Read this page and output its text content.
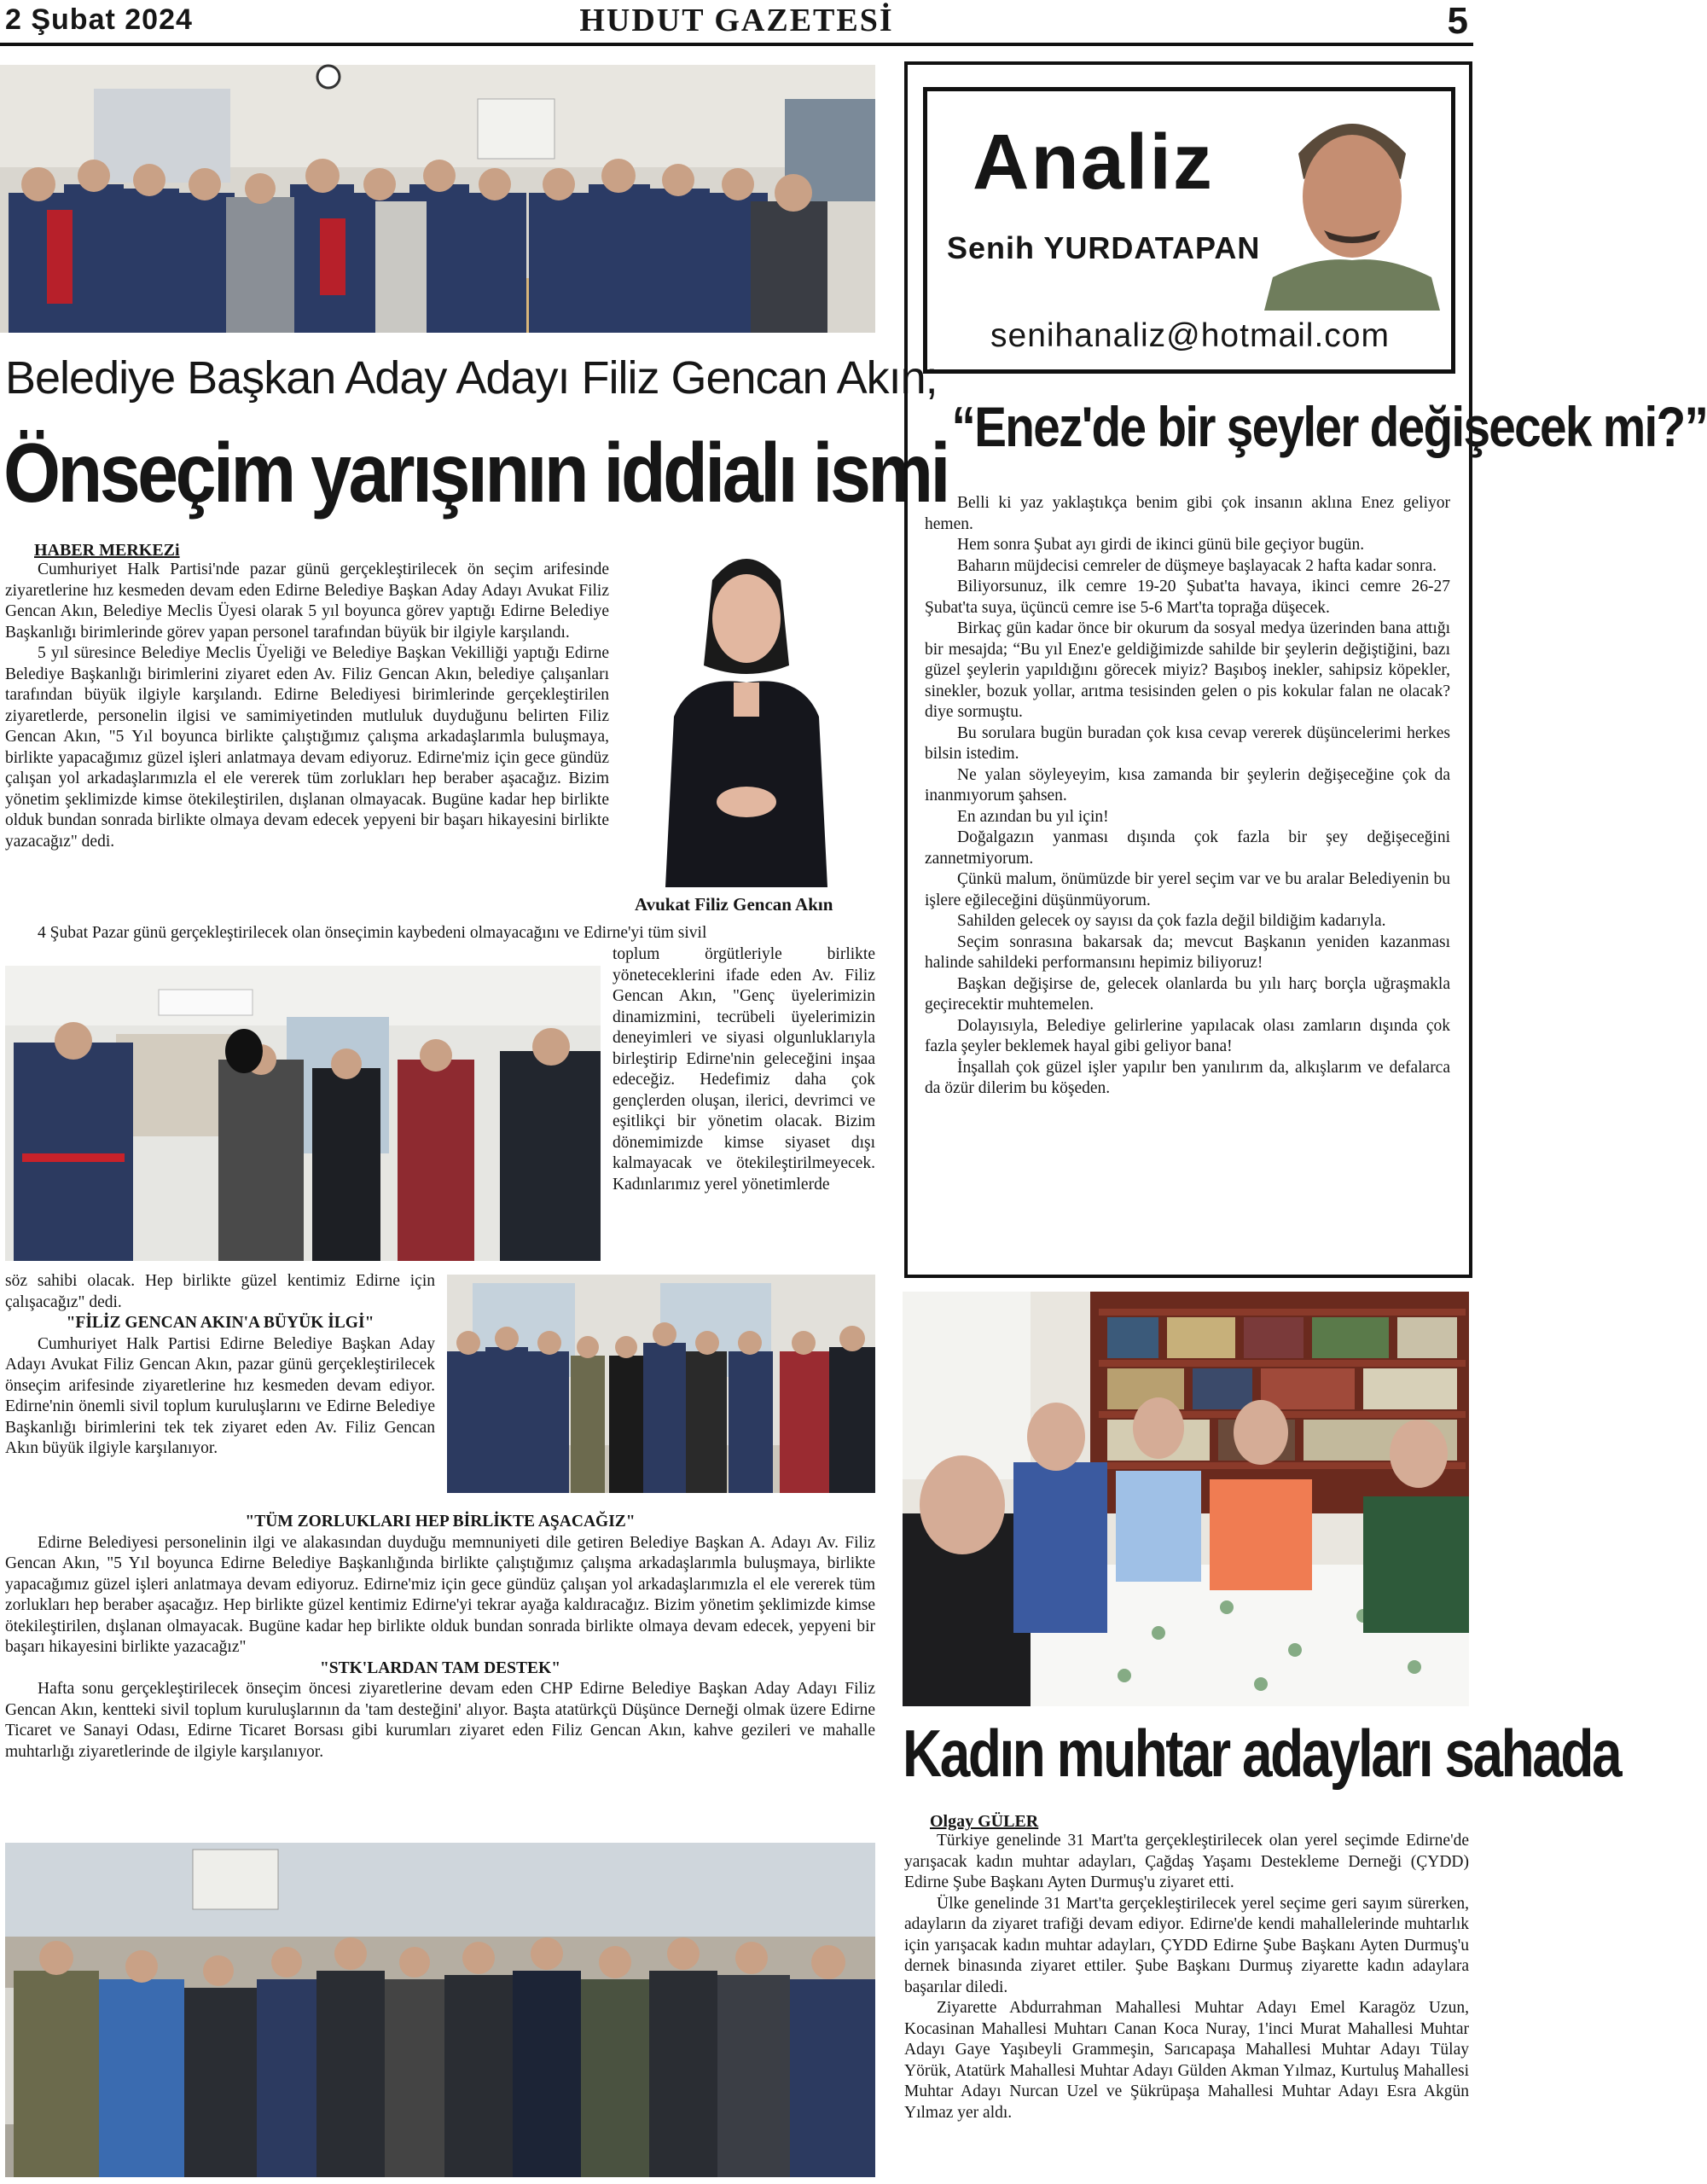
2 Şubat 2024	HUDUT GAZETESİ	5
Belediye Başkan Aday Adayı Filiz Gencan Akın;
Önseçim yarışının iddialı ismi
HABER MERKEZi

Cumhuriyet Halk Partisi'nde pazar günü gerçekleştirilecek ön seçim arifesinde ziyaretlerine hız kesmeden devam eden Edirne Belediye Başkan Aday Adayı Avukat Filiz Gencan Akın, Belediye Meclis Üyesi olarak 5 yıl boyunca görev yaptığı Edirne Belediye Başkanlığı birimlerinde görev yapan personel tarafından büyük bir ilgiyle karşılandı.

5 yıl süresince Belediye Meclis Üyeliği ve Belediye Başkan Vekilliği yaptığı Edirne Belediye Başkanlığı birimlerini ziyaret eden Av. Filiz Gencan Akın, belediye çalışanları tarafından büyük ilgiyle karşılandı. Edirne Belediyesi birimlerinde gerçekleştirilen ziyaretlerde, personelin ilgisi ve samimiyetinden mutluluk duyduğunu belirten Filiz Gencan Akın, "5 Yıl boyunca birlikte çalıştığımız çalışma arkadaşlarımla buluşmaya, birlikte yapacağımız güzel işleri anlatmaya devam ediyoruz. Edirne'miz için gece gündüz çalışan yol arkadaşlarımızla el ele vererek tüm zorlukları hep beraber aşacağız. Bizim yönetim şeklimizde kimse ötekileştirilen, dışlanan olmayacak. Bugüne kadar hep birlikte olduk bundan sonrada birlikte olmaya devam edecek yepyeni bir başarı hikayesini birlikte yazacağız" dedi.

Avukat Filiz Gencan Akın

4 Şubat Pazar günü gerçekleştirilecek olan önseçimin kaybedeni olmayacağını ve Edirne'yi tüm sivil

toplum örgütleriyle birlikte yöneteceklerini ifade eden Av. Filiz Gencan Akın, "Genç üyelerimizin dinamizmini, tecrübeli üyelerimizin deneyimleri ve siyasi olgunluklarıyla birleştirip Edirne'nin geleceğini inşaa edeceğiz. Hedefimiz daha çok gençlerden oluşan, ilerici, devrimci ve eşitlikçi bir yönetim olacak. Bizim dönemimizde kimse siyaset dışı kalmayacak ve ötekileştirilmeyecek. Kadınlarımız yerel yönetimlerde

söz sahibi olacak. Hep birlikte güzel kentimiz Edirne için çalışacağız" dedi.

"FİLİZ GENCAN AKIN'A BÜYÜK İLGİ"

Cumhuriyet Halk Partisi Edirne Belediye Başkan Aday Adayı Avukat Filiz Gencan Akın, pazar günü gerçekleştirilecek önseçim arifesinde ziyaretlerine hız kesmeden devam ediyor. Edirne'nin önemli sivil toplum kuruluşlarını ve Edirne Belediye Başkanlığı birimlerini tek tek ziyaret eden Av. Filiz Gencan Akın büyük ilgiyle karşılanıyor.

"TÜM ZORLUKLARI HEP BİRLİKTE AŞACAĞIZ"

Edirne Belediyesi personelinin ilgi ve alakasından duyduğu memnuniyeti dile getiren Belediye Başkan A. Adayı Av. Filiz Gencan Akın, "5 Yıl boyunca Edirne Belediye Başkanlığında birlikte çalıştığımız çalışma arkadaşlarımla buluşmaya, birlikte yapacağımız güzel işleri anlatmaya devam ediyoruz. Edirne'miz için gece gündüz çalışan yol arkadaşlarımızla el ele vererek tüm zorlukları hep beraber aşacağız. Hep birlikte güzel kentimiz Edirne'yi tekrar ayağa kaldıracağız. Bizim yönetim şeklimizde kimse ötekileştirilen, dışlanan olmayacak. Bugüne kadar hep birlikte olduk bundan sonrada birlikte olmaya devam edecek, yepyeni bir başarı hikayesini birlikte yazacağız"

"STK'LARDAN TAM DESTEK"

Hafta sonu gerçekleştirilecek önseçim öncesi ziyaretlerine devam eden CHP Edirne Belediye Başkan Aday Adayı Filiz Gencan Akın, kentteki sivil toplum kuruluşlarının da 'tam desteğini' alıyor. Başta atatürkçü Düşünce Derneği olmak üzere Edirne Ticaret ve Sanayi Odası, Edirne Ticaret Borsası gibi kurumları ziyaret eden Filiz Gencan Akın, kahve gezileri ve mahalle muhtarlığı ziyaretlerinde de ilgiyle karşılanıyor.

Analiz
Senih YURDATAPAN
senihanaliz@hotmail.com
“Enez'de bir şeyler değişecek mi?”

Belli ki yaz yaklaştıkça benim gibi çok insanın aklına Enez geliyor hemen.

Hem sonra Şubat ayı girdi de ikinci günü bile geçiyor bugün.

Baharın müjdecisi cemreler de düşmeye başlayacak 2 hafta kadar sonra.

Biliyorsunuz, ilk cemre 19-20 Şubat'ta havaya, ikinci cemre 26-27 Şubat'ta suya, üçüncü cemre ise 5-6 Mart'ta toprağa düşecek.

Birkaç gün kadar önce bir okurum da sosyal medya üzerinden bana attığı bir mesajda; “Bu yıl Enez'e geldiğimizde sahilde bir şeylerin değiştiğini, bazı güzel şeylerin yapıldığını görecek miyiz? Başıboş inekler, sahipsiz köpekler, sinekler, bozuk yollar, arıtma tesisinden gelen o pis kokular falan ne olacak? diye sormuştu.

Bu sorulara bugün buradan çok kısa cevap vererek düşüncelerimi herkes bilsin istedim.

Ne yalan söyleyeyim, kısa zamanda bir şeylerin değişeceğine çok da inanmıyorum şahsen.

En azından bu yıl için!

Doğalgazın yanması dışında çok fazla bir şey değişeceğini zannetmiyorum.

Çünkü malum, önümüzde bir yerel seçim var ve bu aralar Belediyenin bu işlere eğileceğini düşünmüyorum.

Sahilden gelecek oy sayısı da çok fazla değil bildiğim kadarıyla.

Seçim sonrasına bakarsak da; mevcut Başkanın yeniden kazanması halinde sahildeki performansını hepimiz biliyoruz!

Başkan değişirse de, gelecek olanlarda bu yılı harç borçla uğraşmakla geçirecektir muhtemelen.

Dolayısıyla, Belediye gelirlerine yapılacak olası zamların dışında çok fazla şeyler beklemek hayal gibi geliyor bana!

İnşallah çok güzel işler yapılır ben yanılırım da, alkışlarım ve defalarca da özür dilerim bu köşeden.

Kadın muhtar adayları sahada
Olgay GÜLER

Türkiye genelinde 31 Mart'ta gerçekleştirilecek olan yerel seçimde Edirne'de yarışacak kadın muhtar adayları, Çağdaş Yaşamı Destekleme Derneği (ÇYDD) Edirne Şube Başkanı Ayten Durmuş'u ziyaret etti.

Ülke genelinde 31 Mart'ta gerçekleştirilecek yerel seçime geri sayım sürerken, adayların da ziyaret trafiği devam ediyor. Edirne'de kendi mahallelerinde muhtarlık için yarışacak kadın muhtar adayları, ÇYDD Edirne Şube Başkanı Ayten Durmuş'u dernek binasında ziyaret ettiler. Şube Başkanı Durmuş ziyarette kadın adaylara başarılar diledi.

Ziyarette Abdurrahman Mahallesi Muhtar Adayı Emel Karagöz Uzun, Kocasinan Mahallesi Muhtarı Canan Koca Nuray, 1'inci Murat Mahallesi Muhtar Adayı Gaye Yaşıbeyli Grammeşin, Sarıcapaşa Mahallesi Muhtar Adayı Tülay Yörük, Atatürk Mahallesi Muhtar Adayı Gülden Akman Yılmaz, Kurtuluş Mahallesi Muhtar Adayı Nurcan Uzel ve Şükrüpaşa Mahallesi Muhtar Adayı Esra Akgün Yılmaz yer aldı.
